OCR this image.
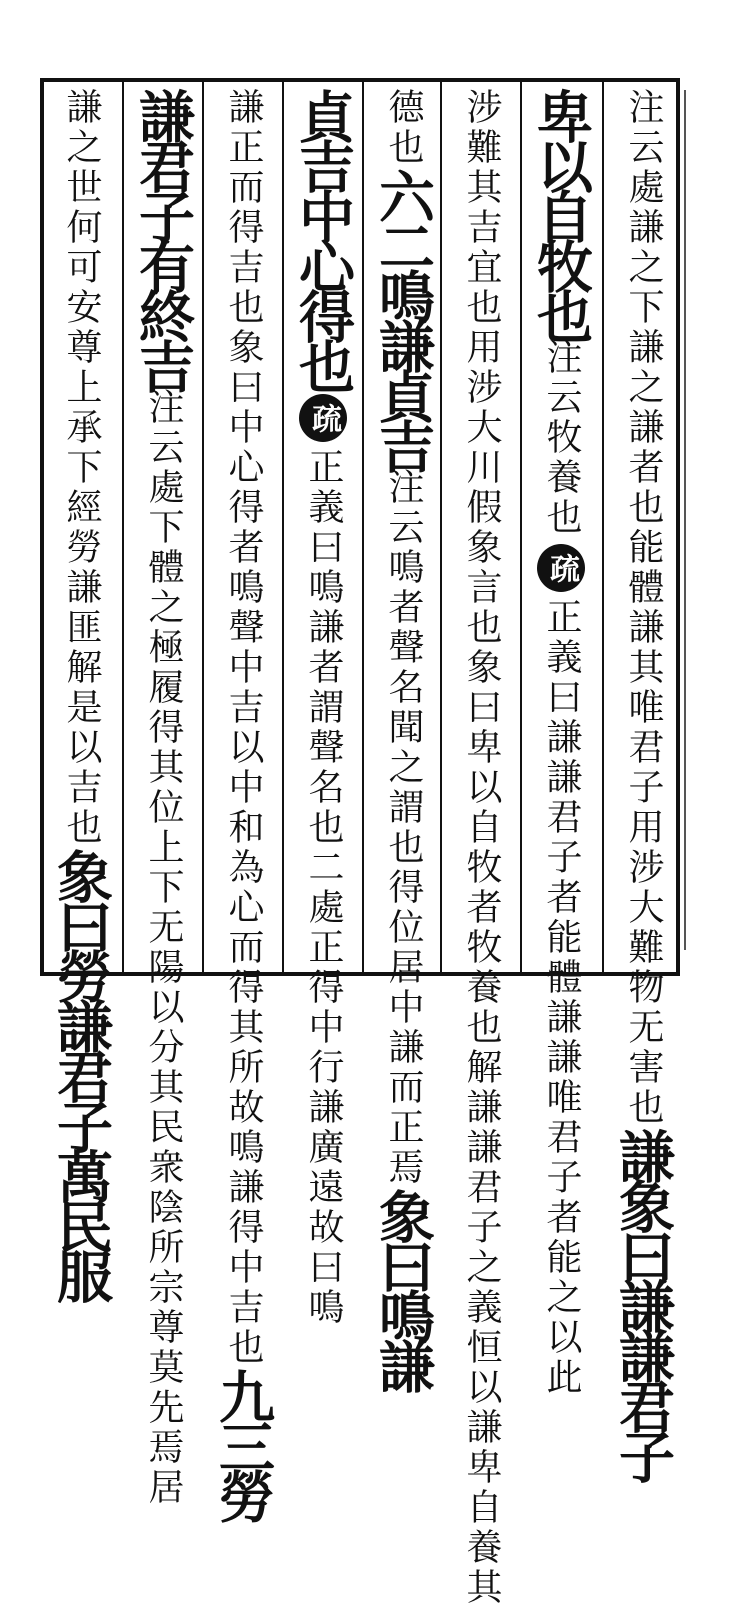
注云處謙之下謙之謙者也能體謙其唯君子用涉大難物无害也謙象曰謙謙君子
卑以自牧也注云牧養也疏正義曰謙謙君子者能體謙謙唯君子者能之以此
涉難其吉宜也用涉大川假象言也象曰卑以自牧者牧養也解謙謙君子之義恒以謙卑自養其
德也六二鳴謙貞吉注云鳴者聲名聞之謂也得位居中謙而正焉象曰鳴謙
貞吉中心得也疏正義曰鳴謙者謂聲名也二處正得中行謙廣遠故曰鳴
謙正而得吉也象曰中心得者鳴聲中吉以中和為心而得其所故鳴謙得中吉也九三勞
謙君子有終吉注云處下體之極履得其位上下无陽以分其民衆陰所宗尊莫先焉居
謙之世何可安尊上承下經勞謙匪解是以吉也象曰勞謙君子萬民服
